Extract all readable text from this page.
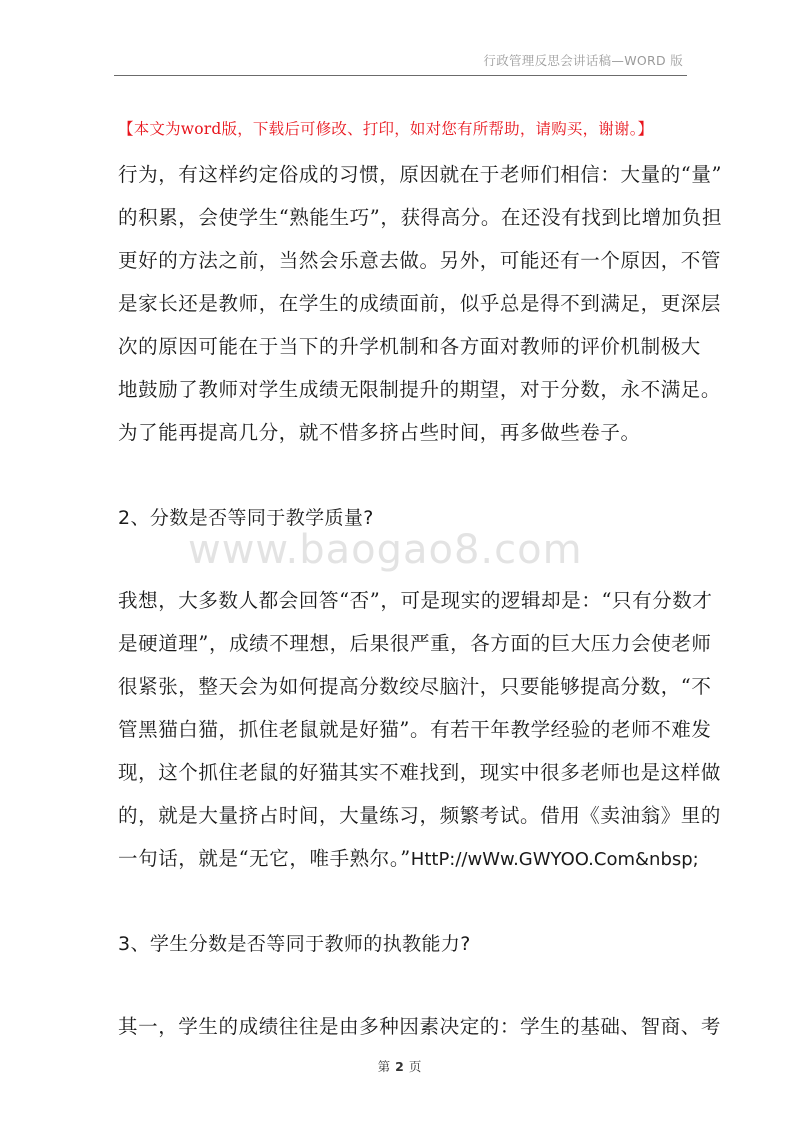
行政管理反思会讲话稿—WORD 版
【本文为word版，下载后可修改、打印，如对您有所帮助，请购买，谢谢。】
行为，有这样约定俗成的习惯，原因就在于老师们相信：大量的“量”
的积累，会使学生“熟能生巧”，获得高分。在还没有找到比增加负担
更好的方法之前，当然会乐意去做。另外，可能还有一个原因，不管
是家长还是教师，在学生的成绩面前，似乎总是得不到满足，更深层
次的原因可能在于当下的升学机制和各方面对教师的评价机制极大
地鼓励了教师对学生成绩无限制提升的期望，对于分数，永不满足。
为了能再提高几分，就不惜多挤占些时间，再多做些卷子。
2、分数是否等同于教学质量?
www.baogao8.com
我想，大多数人都会回答“否”，可是现实的逻辑却是：“只有分数才
是硬道理”，成绩不理想，后果很严重，各方面的巨大压力会使老师
很紧张，整天会为如何提高分数绞尽脑汁，只要能够提高分数，“不
管黑猫白猫，抓住老鼠就是好猫”。有若干年教学经验的老师不难发
现，这个抓住老鼠的好猫其实不难找到，现实中很多老师也是这样做
的，就是大量挤占时间，大量练习，频繁考试。借用《卖油翁》里的
一句话，就是“无它，唯手熟尔。”HttP://wWw.GWYOO.Com&nbsp;
3、学生分数是否等同于教师的执教能力?
其一，学生的成绩往往是由多种因素决定的：学生的基础、智商、考
第 2 页
